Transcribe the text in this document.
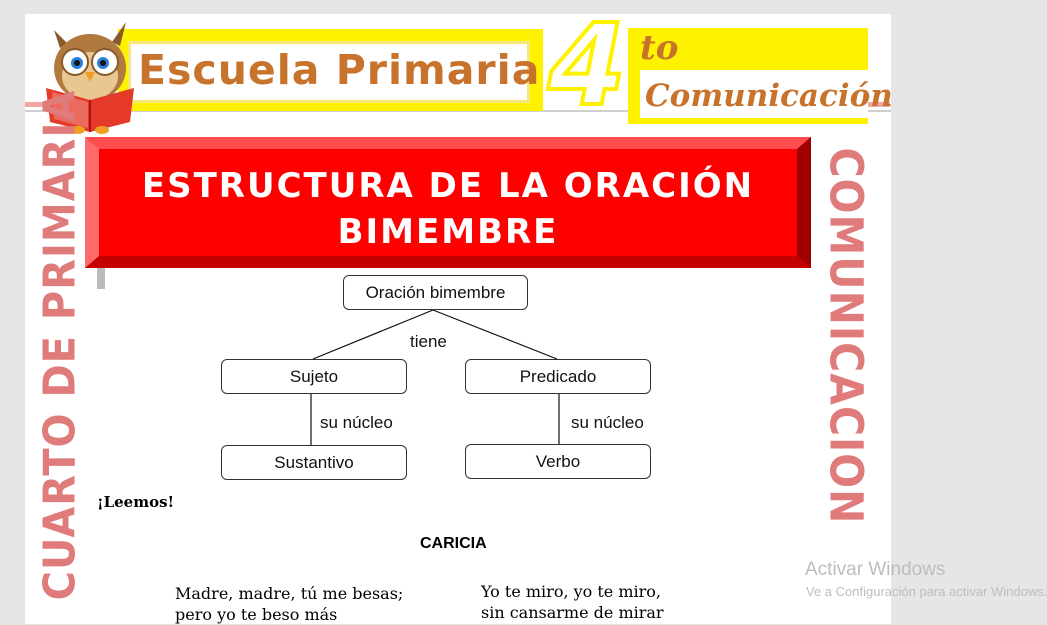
Escuela Primaria 4 to
Comunicación
CUARTO DE PRIMARIA	COMUNICACION
ESTRUCTURA DE LA ORACIÓN
BIMEMBRE
Oración bimembre
tiene
Sujeto	Predicado
su núcleo	su núcleo
Sustantivo	Verbo
¡Leemos!
CARICIA
Madre, madre, tú me besas;
pero yo te beso más
Yo te miro, yo te miro,
sin cansarme de mirar
Activar Windows
Ve a Configuración para activar Windows.
